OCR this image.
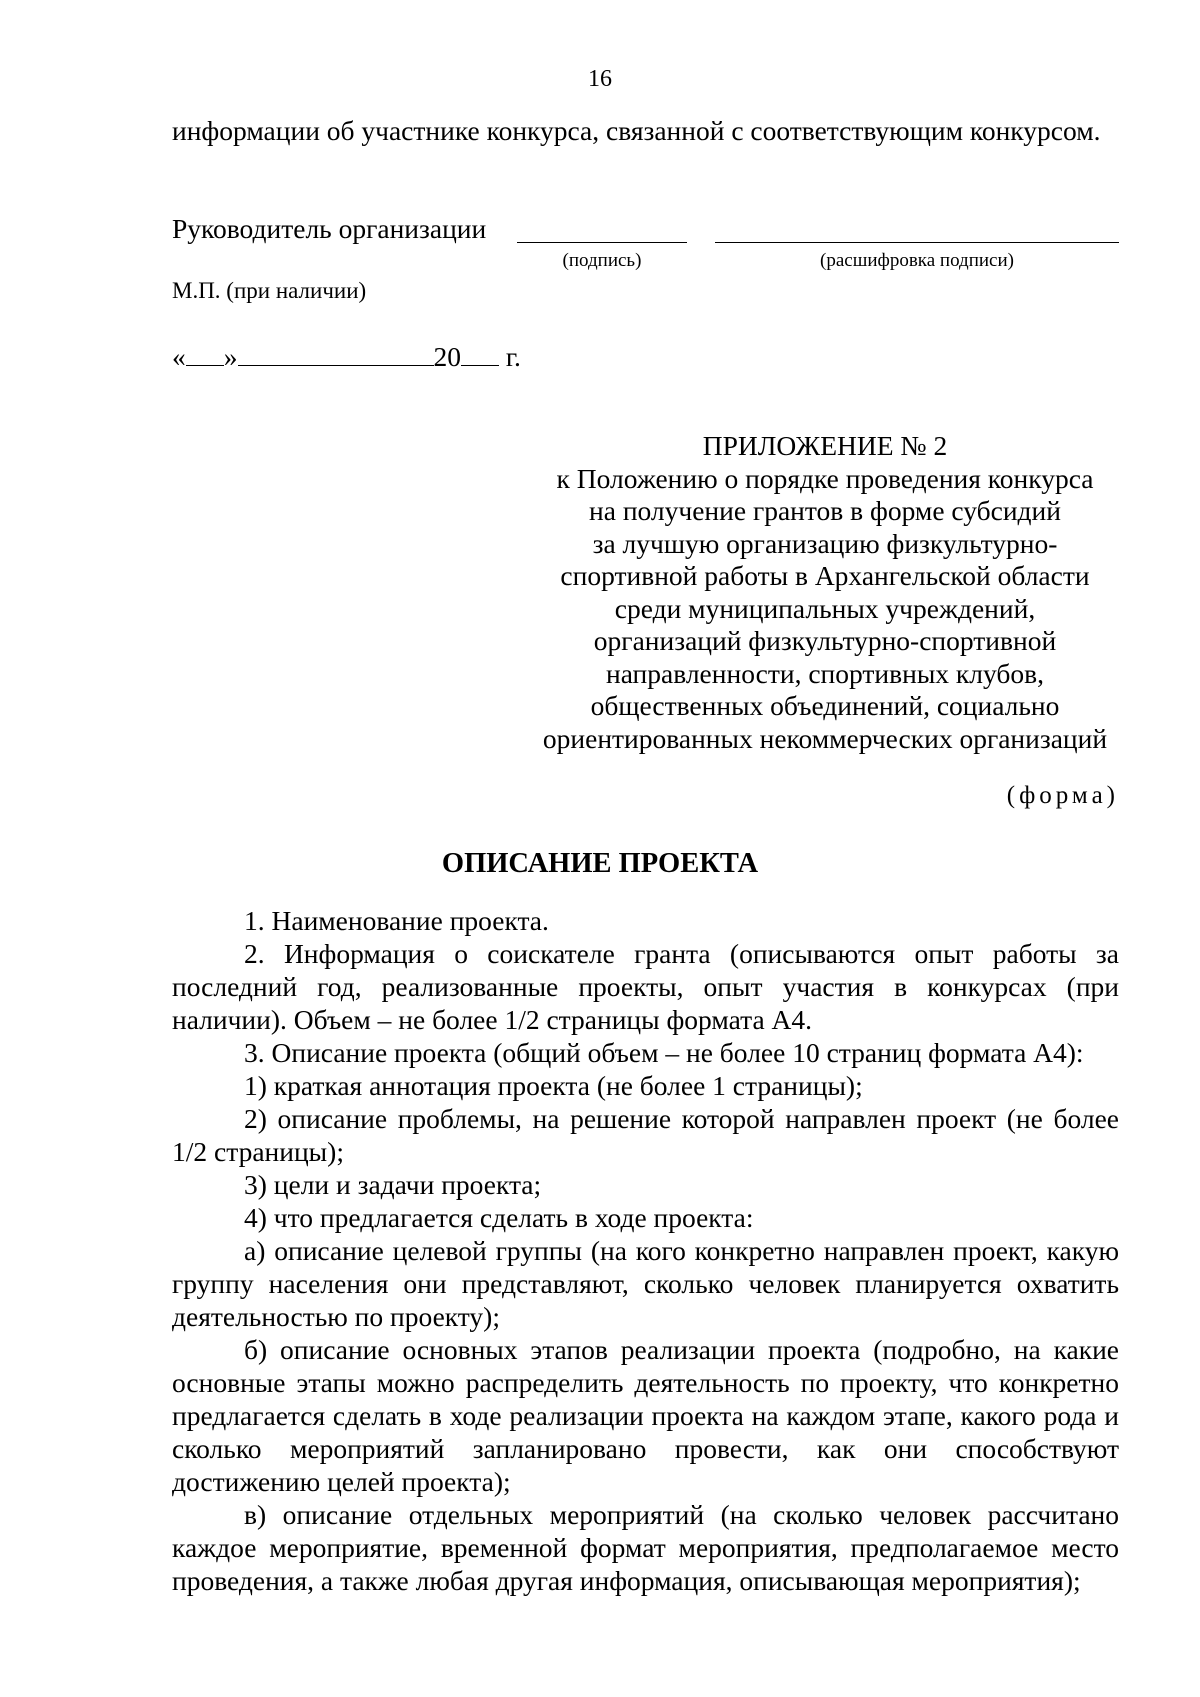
16

информации об участнике конкурса, связанной с соответствующим конкурсом.

Руководитель организации
(подпись)	(расшифровка подписи)
М.П. (при наличии)
« »	20 г.
ПРИЛОЖЕНИЕ № 2
к Положению о порядке проведения конкурса
на получение грантов в форме субсидий
за лучшую организацию физкультурно-
спортивной работы в Архангельской области
среди муниципальных учреждений,
организаций физкультурно-спортивной
направленности, спортивных клубов,
общественных объединений, социально
ориентированных некоммерческих организаций
(форма)
ОПИСАНИЕ ПРОЕКТА

1. Наименование проекта.

2. Информация о соискателе гранта (описываются опыт работы за последний год, реализованные проекты, опыт участия в конкурсах (при наличии). Объем – не более 1/2 страницы формата А4.

3. Описание проекта (общий объем – не более 10 страниц формата А4):

1) краткая аннотация проекта (не более 1 страницы);

2) описание проблемы, на решение которой направлен проект (не более 1/2 страницы);

3) цели и задачи проекта;

4) что предлагается сделать в ходе проекта:

а) описание целевой группы (на кого конкретно направлен проект, какую группу населения они представляют, сколько человек планируется охватить деятельностью по проекту);

б) описание основных этапов реализации проекта (подробно, на какие основные этапы можно распределить деятельность по проекту, что конкретно предлагается сделать в ходе реализации проекта на каждом этапе, какого рода и сколько мероприятий запланировано провести, как они способствуют достижению целей проекта);

в) описание отдельных мероприятий (на сколько человек рассчитано каждое мероприятие, временной формат мероприятия, предполагаемое место проведения, а также любая другая информация, описывающая мероприятия);
